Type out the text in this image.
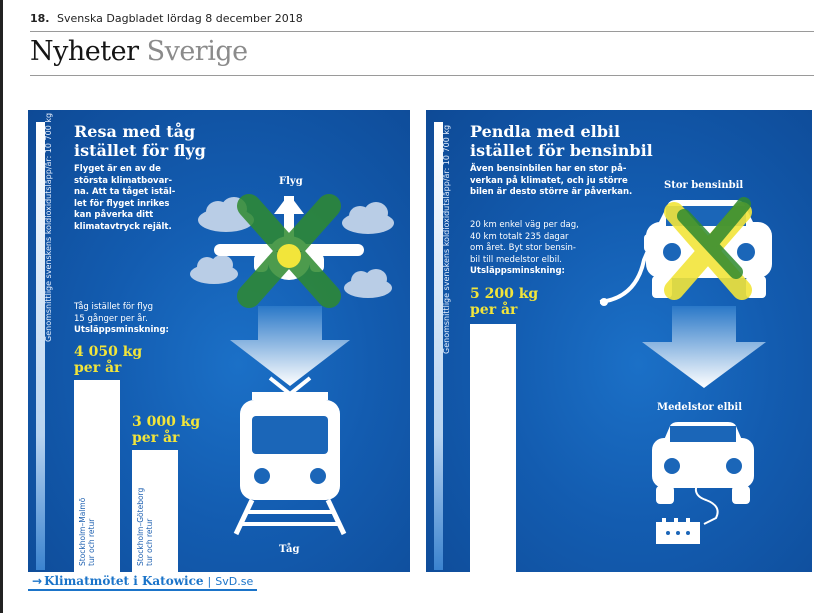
18. Svenska Dagbladet lördag 8 december 2018
Nyheter Sverige
Genomsnittlige svenskens koldioxidutsläpp/år: 10 700 kg Resa med tåg
istället för flyg
Flyget är en av de
största klimatbovar-
na. Att ta tåget istäl-
let för flyget inrikes
kan påverka ditt
klimatavtryck rejält.
Tåg istället för flyg
15 gånger per år.
Utsläppsminskning:
4 050 kg
per år
3 000 kg
per år
Stockholm–Malmö tur och retur	Stockholm–Göteborg tur och retur
Flyg
Tåg
Genomsnittlige svenskens koldioxidutsläpp/år: 10 700 kg Pendla med elbil
istället för bensinbil
Även bensinbilen har en stor på-
verkan på klimatet, och ju större
bilen är desto större är påverkan.
20 km enkel väg per dag,
40 km totalt 235 dagar
om året. Byt stor bensin-
bil till medelstor elbil.
Utsläppsminskning:
5 200 kg
per år
Stor bensinbil
Medelstor elbil
→ Klimatmötet i Katowice | SvD.se
